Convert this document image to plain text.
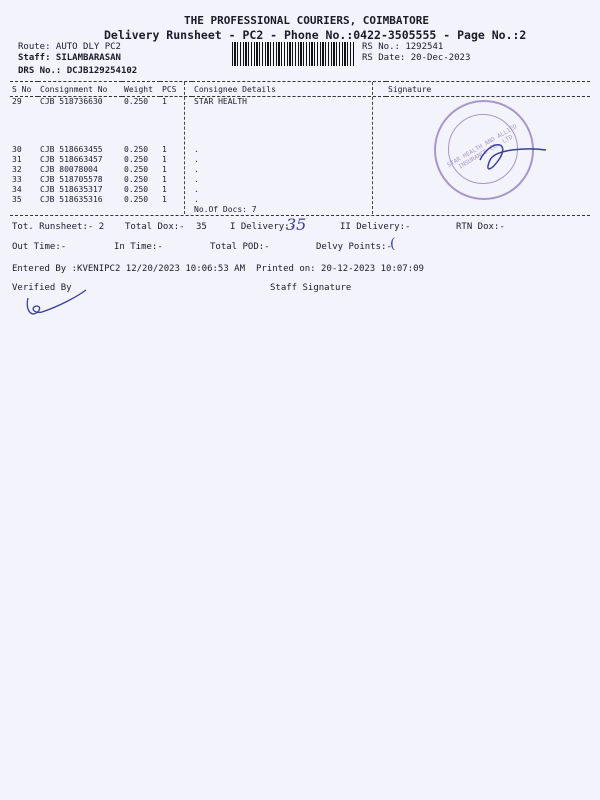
THE PROFESSIONAL COURIERS, COIMBATORE
Delivery Runsheet - PC2 - Phone No.:0422-3505555 - Page No.:2
Route: AUTO DLY PC2
Staff: SILAMBARASAN
DRS No.: DCJB129254102
RS No.: 1292541
RS Date: 20-Dec-2023
S No	Consignment No	Weight	PCS	Consignee Details	Signature
29	CJB 518736630	0.250	1	STAR HEALTH	
30	CJB 518663455	0.250	1	.	
31	CJB 518663457	0.250	1	.	
32	CJB 80078004	0.250	1	.	
33	CJB 518705578	0.250	1	.	
34	CJB 518635317	0.250	1	.	
35	CJB 518635316	0.250	1	.	
				No.Of Docs: 7	
STAR HEALTH AND ALLIED INSURANCE CO. LTD
Tot. Runsheet:- 2 Total Dox:- 35	I Delivery:-
35	II Delivery:-	RTN Dox:-
Out Time:-	In Time:-	Total POD:-	Delvy Points:-
(
Entered By :KVENIPC2 12/20/2023 10:06:53 AM Printed on: 20-12-2023 10:07:09
Verified By	Staff Signature
